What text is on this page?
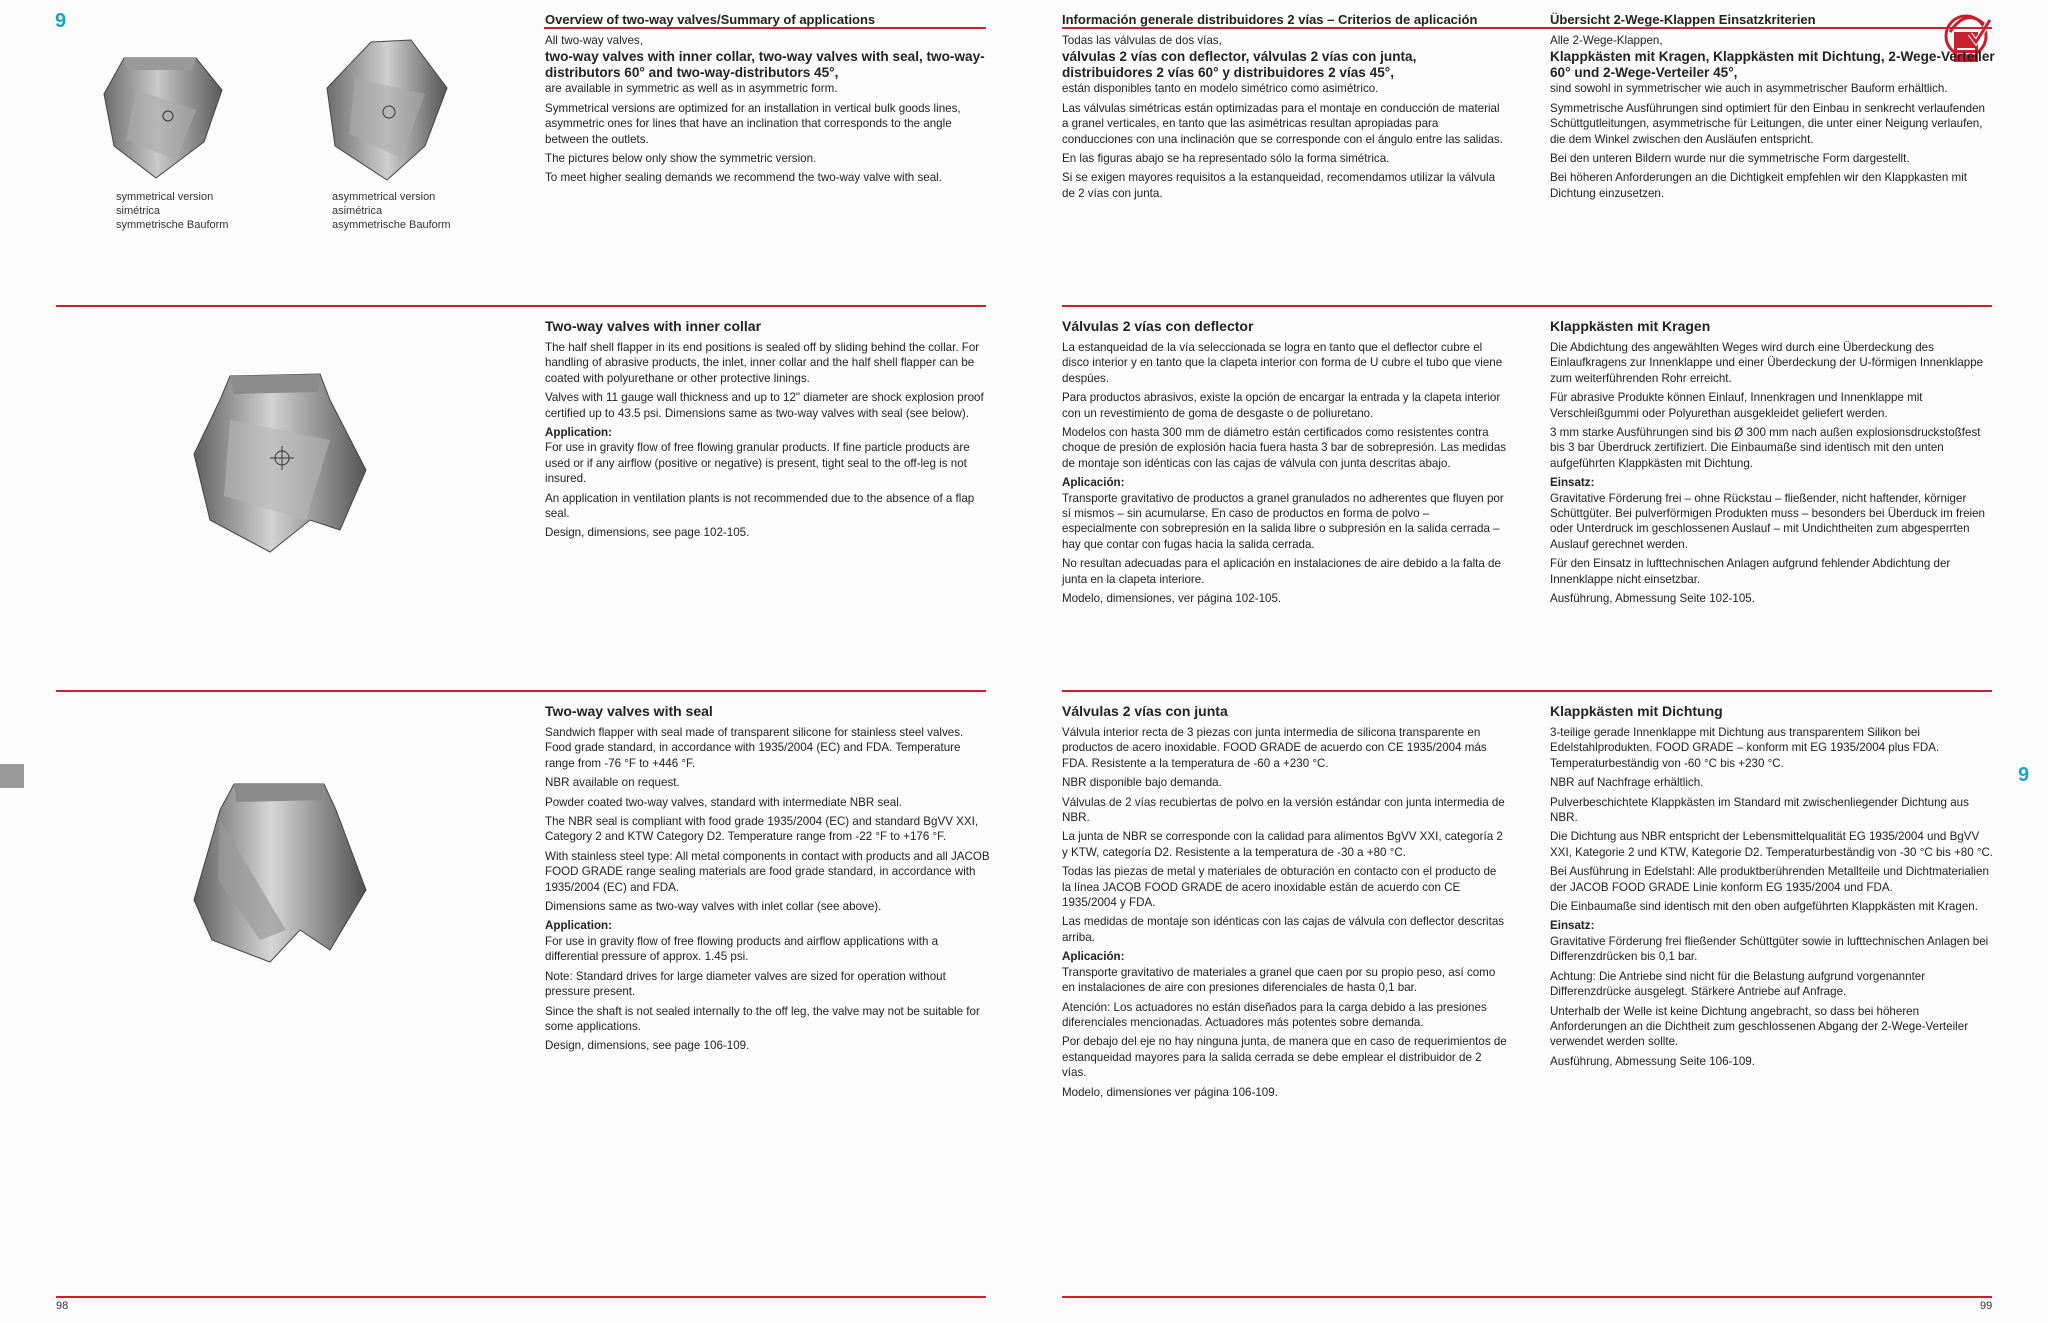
9
9
98	99
symmetrical version
simétrica
symmetrische Bauform
asymmetrical version
asimétrica
asymmetrische Bauform
Overview of two-way valves/Summary of applications

All two-way valves,

two-way valves with inner collar, two-way valves with seal, two-way-distributors 60° and two-way-distributors 45°,

are available in symmetric as well as in asymmetric form.

Symmetrical versions are optimized for an installation in vertical bulk goods lines, asymmetric ones for lines that have an inclination that corresponds to the angle between the outlets.

The pictures below only show the symmetric version.

To meet higher sealing demands we recommend the two-way valve with seal.

Información generale distribuidores 2 vías – Criterios de aplicación

Todas las válvulas de dos vías,

válvulas 2 vías con deflector, válvulas 2 vías con junta, distribuidores 2 vías 60° y distribuidores 2 vías 45°,

están disponibles tanto en modelo simétrico como asimétrico.

Las válvulas simétricas están optimizadas para el montaje en conducción de material a granel verticales, en tanto que las asimétricas resultan apropiadas para conducciones con una inclinación que se corresponde con el ángulo entre las salidas.

En las figuras abajo se ha representado sólo la forma simétrica.

Si se exigen mayores requisitos a la estanqueidad, recomendamos utilizar la válvula de 2 vías con junta.

Übersicht 2-Wege-Klappen Einsatzkriterien

Alle 2-Wege-Klappen,

Klappkästen mit Kragen, Klappkästen mit Dichtung, 2-Wege-Verteiler 60° und 2-Wege-Verteiler 45°,

sind sowohl in symmetrischer wie auch in asymmetrischer Bauform erhältlich.

Symmetrische Ausführungen sind optimiert für den Einbau in senkrecht verlaufenden Schüttgutleitungen, asymmetrische für Leitungen, die unter einer Neigung verlaufen, die dem Winkel zwischen den Ausläufen entspricht.

Bei den unteren Bildern wurde nur die symmetrische Form dargestellt.

Bei höheren Anforderungen an die Dichtigkeit empfehlen wir den Klappkasten mit Dichtung einzusetzen.

Two-way valves with inner collar

The half shell flapper in its end positions is sealed off by sliding behind the collar. For handling of abrasive products, the inlet, inner collar and the half shell flapper can be coated with polyurethane or other protective linings.

Valves with 11 gauge wall thickness and up to 12" diameter are shock explosion proof certified up to 43.5 psi. Dimensions same as two-way valves with seal (see below).

Application:

For use in gravity flow of free flowing granular products. If fine particle products are used or if any airflow (positive or negative) is present, tight seal to the off-leg is not insured.

An application in ventilation plants is not recommended due to the absence of a flap seal.

Design, dimensions, see page 102-105.

Válvulas 2 vías con deflector

La estanqueidad de la vía seleccionada se logra en tanto que el deflector cubre el disco interior y en tanto que la clapeta interior con forma de U cubre el tubo que viene despúes.

Para productos abrasivos, existe la opción de encargar la entrada y la clapeta interior con un revestimiento de goma de desgaste o de poliuretano.

Modelos con hasta 300 mm de diámetro están certificados como resistentes contra choque de presión de explosión hacia fuera hasta 3 bar de sobrepresión. Las medidas de montaje son idénticas con las cajas de válvula con junta descritas abajo.

Aplicación:

Transporte gravitativo de productos a granel granulados no adherentes que fluyen por sí mismos – sin acumularse. En caso de productos en forma de polvo – especialmente con sobrepresión en la salida libre o subpresión en la salida cerrada – hay que contar con fugas hacia la salida cerrada.

No resultan adecuadas para el aplicación en instalaciones de aire debido a la falta de junta en la clapeta interiore.

Modelo, dimensiones, ver página 102-105.

Klappkästen mit Kragen

Die Abdichtung des angewählten Weges wird durch eine Überdeckung des Einlaufkragens zur Innenklappe und einer Überdeckung der U-förmigen Innenklappe zum weiterführenden Rohr erreicht.

Für abrasive Produkte können Einlauf, Innenkragen und Innenklappe mit Verschleißgummi oder Polyurethan ausgekleidet geliefert werden.

3 mm starke Ausführungen sind bis Ø 300 mm nach außen explosionsdruckstoßfest bis 3 bar Überdruck zertifiziert. Die Einbaumaße sind identisch mit den unten aufgeführten Klappkästen mit Dichtung.

Einsatz:

Gravitative Förderung frei – ohne Rückstau – fließender, nicht haftender, körniger Schüttgüter. Bei pulverförmigen Produkten muss – besonders bei Überduck im freien oder Unterdruck im geschlossenen Auslauf – mit Undichtheiten zum abgesperrten Auslauf gerechnet werden.

Für den Einsatz in lufttechnischen Anlagen aufgrund fehlender Abdichtung der Innenklappe nicht einsetzbar.

Ausführung, Abmessung Seite 102-105.

Two-way valves with seal

Sandwich flapper with seal made of transparent silicone for stainless steel valves. Food grade standard, in accordance with 1935/2004 (EC) and FDA. Temperature range from -76 °F to +446 °F.

NBR available on request.

Powder coated two-way valves, standard with intermediate NBR seal.

The NBR seal is compliant with food grade 1935/2004 (EC) and standard BgVV XXI, Category 2 and KTW Category D2. Temperature range from -22 °F to +176 °F.

With stainless steel type: All metal components in contact with products and all JACOB FOOD GRADE range sealing materials are food grade standard, in accordance with 1935/2004 (EC) and FDA.

Dimensions same as two-way valves with inlet collar (see above).

Application:

For use in gravity flow of free flowing products and airflow applications with a differential pressure of approx. 1.45 psi.

Note: Standard drives for large diameter valves are sized for operation without pressure present.

Since the shaft is not sealed internally to the off leg, the valve may not be suitable for some applications.

Design, dimensions, see page 106-109.

Válvulas 2 vías con junta

Válvula interior recta de 3 piezas con junta intermedia de silicona transparente en productos de acero inoxidable. FOOD GRADE de acuerdo con CE 1935/2004 más FDA. Resistente a la temperatura de -60 a +230 °C.

NBR disponible bajo demanda.

Válvulas de 2 vías recubiertas de polvo en la versión estándar con junta intermedia de NBR.

La junta de NBR se corresponde con la calidad para alimentos BgVV XXI, categoría 2 y KTW, categoría D2. Resistente a la temperatura de -30 a +80 °C.

Todas las piezas de metal y materiales de obturación en contacto con el producto de la línea JACOB FOOD GRADE de acero inoxidable están de acuerdo con CE 1935/2004 y FDA.

Las medidas de montaje son idénticas con las cajas de válvula con deflector descritas arriba.

Aplicación:

Transporte gravitativo de materiales a granel que caen por su propio peso, así como en instalaciones de aire con presiones diferenciales de hasta 0,1 bar.

Atención: Los actuadores no están diseñados para la carga debido a las presiones diferenciales mencionadas. Actuadores más potentes sobre demanda.

Por debajo del eje no hay ninguna junta, de manera que en caso de requerimientos de estanqueidad mayores para la salida cerrada se debe emplear el distribuidor de 2 vías.

Modelo, dimensiones ver página 106-109.

Klappkästen mit Dichtung

3-teilige gerade Innenklappe mit Dichtung aus transparentem Silikon bei Edelstahlprodukten. FOOD GRADE – konform mit EG 1935/2004 plus FDA. Temperaturbeständig von -60 °C bis +230 °C.

NBR auf Nachfrage erhältlich.

Pulverbeschichtete Klappkästen im Standard mit zwischenliegender Dichtung aus NBR.

Die Dichtung aus NBR entspricht der Lebensmittelqualität EG 1935/2004 und BgVV XXI, Kategorie 2 und KTW, Kategorie D2. Temperaturbeständig von -30 °C bis +80 °C.

Bei Ausführung in Edelstahl: Alle produktberührenden Metallteile und Dichtmaterialien der JACOB FOOD GRADE Linie konform EG 1935/2004 und FDA.

Die Einbaumaße sind identisch mit den oben aufgeführten Klappkästen mit Kragen.

Einsatz:

Gravitative Förderung frei fließender Schüttgüter sowie in lufttechnischen Anlagen bei Differenzdrücken bis 0,1 bar.

Achtung: Die Antriebe sind nicht für die Belastung aufgrund vorgenannter Differenzdrücke ausgelegt. Stärkere Antriebe auf Anfrage.

Unterhalb der Welle ist keine Dichtung angebracht, so dass bei höheren Anforderungen an die Dichtheit zum geschlossenen Abgang der 2-Wege-Verteiler verwendet werden sollte.

Ausführung, Abmessung Seite 106-109.
